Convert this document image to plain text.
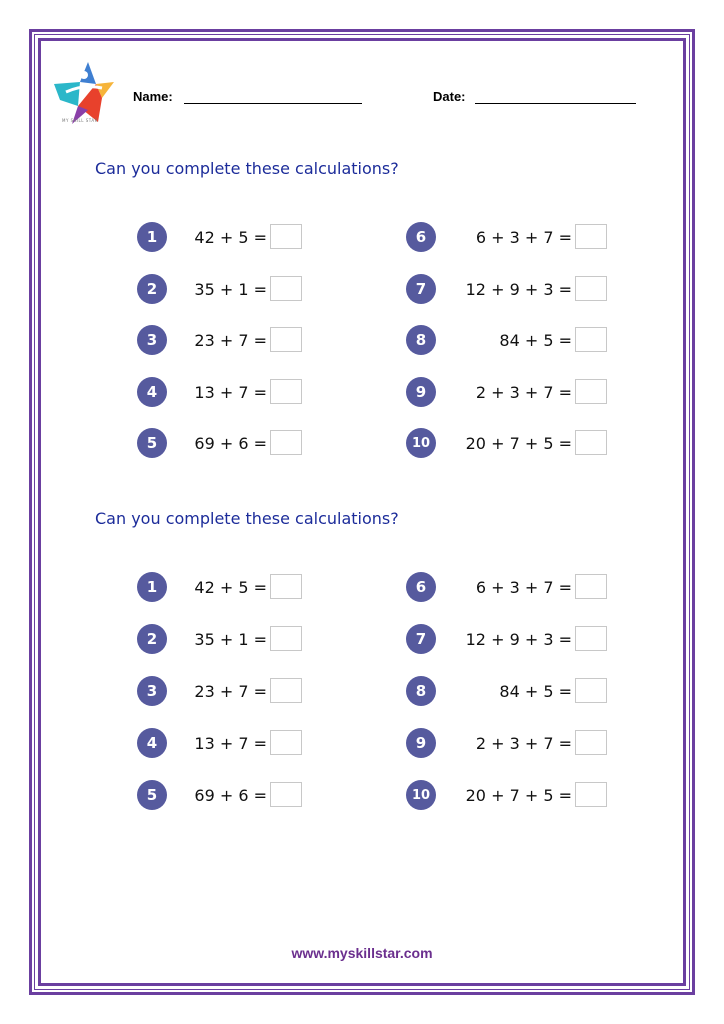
MY SKILL STAR
Name:	Date:
Can you complete these calculations?
1	42 + 5 =
2	35 + 1 =
3	23 + 7 =
4	13 + 7 =
5	69 + 6 =
6	6 + 3 + 7 =
7	12 + 9 + 3 =
8	84 + 5 =
9	2 + 3 + 7 =
10	20 + 7 + 5 =
Can you complete these calculations?
1	42 + 5 =
2	35 + 1 =
3	23 + 7 =
4	13 + 7 =
5	69 + 6 =
6	6 + 3 + 7 =
7	12 + 9 + 3 =
8	84 + 5 =
9	2 + 3 + 7 =
10	20 + 7 + 5 =
www.myskillstar.com
